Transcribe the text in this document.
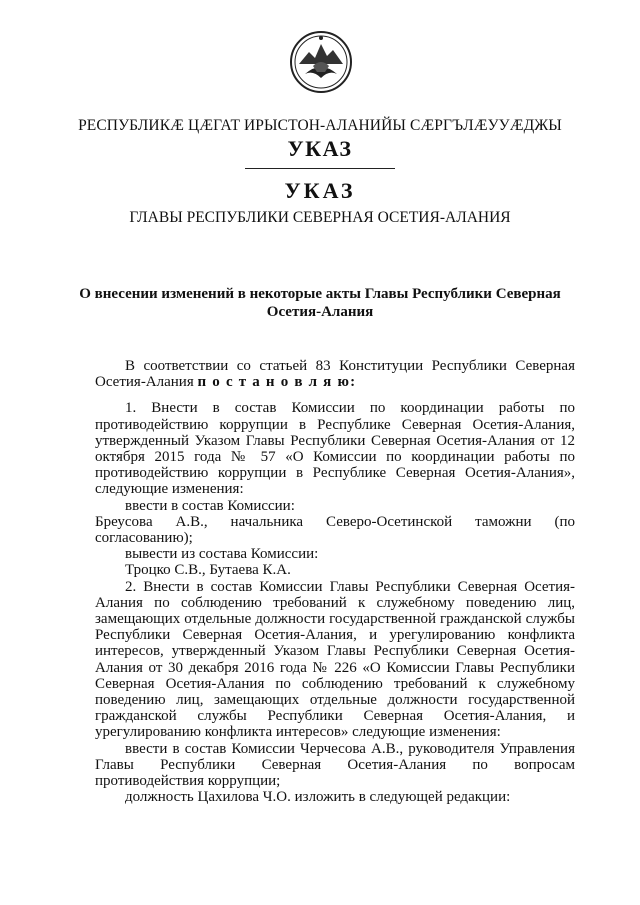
РЕСПУБЛИКӔ ЦӔГАТ ИРЫСТОН-АЛАНИЙЫ СӔРГЪЛӔУУӔДЖЫ
УКАЗ
УКАЗ
ГЛАВЫ РЕСПУБЛИКИ СЕВЕРНАЯ ОСЕТИЯ-АЛАНИЯ
О внесении изменений в некоторые акты Главы Республики Северная Осетия-Алания

В соответствии со статьей 83 Конституции Республики Северная Осетия-Алания п о с т а н о в л я ю:

1. Внести в состав Комиссии по координации работы по противодействию коррупции в Республике Северная Осетия-Алания, утвержденный Указом Главы Республики Северная Осетия-Алания от 12 октября 2015 года № 57 «О Комиссии по координации работы по противодействию коррупции в Республике Северная Осетия-Алания», следующие изменения:

ввести в состав Комиссии:

Бреусова А.В., начальника Северо-Осетинской таможни (по согласованию);

вывести из состава Комиссии:

Троцко С.В., Бутаева К.А.

2. Внести в состав Комиссии Главы Республики Северная Осетия-Алания по соблюдению требований к служебному поведению лиц, замещающих отдельные должности государственной гражданской службы Республики Северная Осетия-Алания, и урегулированию конфликта интересов, утвержденный Указом Главы Республики Северная Осетия-Алания от 30 декабря 2016 года № 226 «О Комиссии Главы Республики Северная Осетия-Алания по соблюдению требований к служебному поведению лиц, замещающих отдельные должности государственной гражданской службы Республики Северная Осетия-Алания, и урегулированию конфликта интересов» следующие изменения:

ввести в состав Комиссии Черчесова А.В., руководителя Управления Главы Республики Северная Осетия-Алания по вопросам противодействия коррупции;

должность Цахилова Ч.О. изложить в следующей редакции:
